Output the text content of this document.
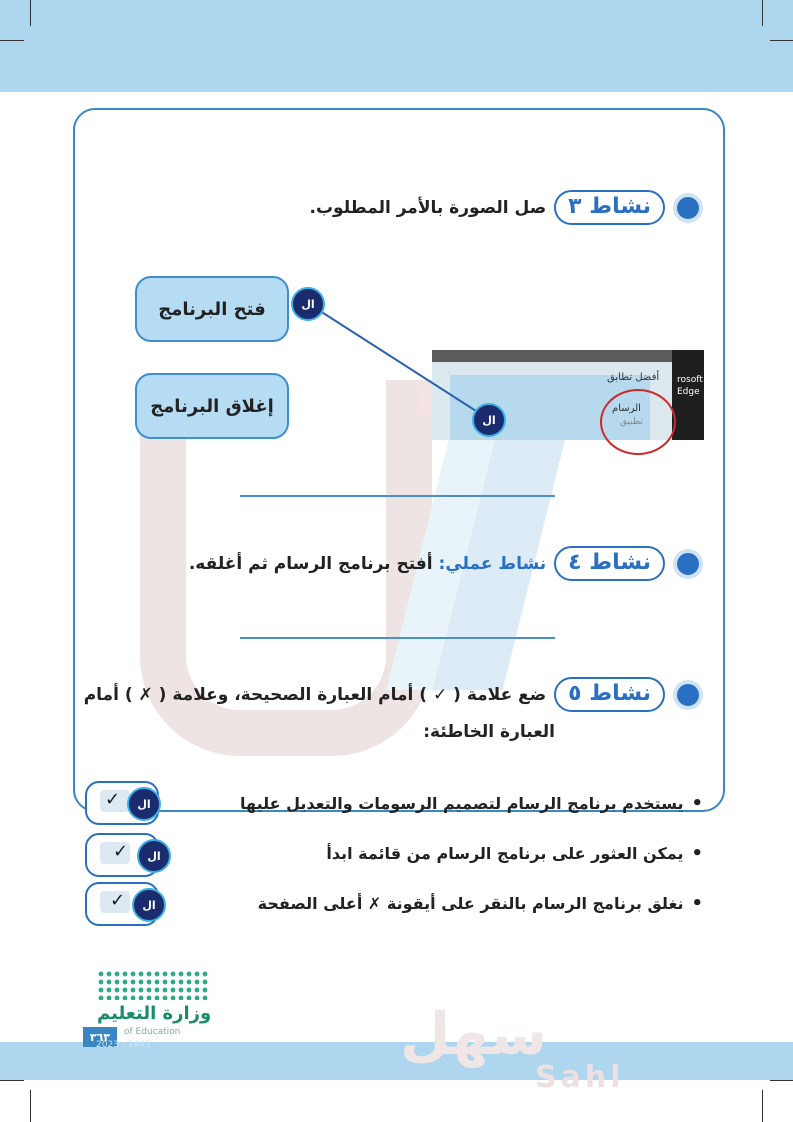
نشاط ٣
صل الصورة بالأمر المطلوب.
فتح البرنامج
إغلاق البرنامج
أفضل تطابق rosoft
Edge
الرسام
تطبيق
ال
ال
نشاط ٤
نشاط عملي: أفتح برنامج الرسام ثم أغلقه.
نشاط ٥
ضع علامة ( ✓ ) أمام العبارة الصحيحة، وعلامة ( ✗ ) أمام
العبارة الخاطئة:
•
يستخدم برنامج الرسام لتصميم الرسومات والتعديل عليها
•
يمكن العثور على برنامج الرسام من قائمة ابدأ
•
نغلق برنامج الرسام بالنقر على أيقونة ✗ أعلى الصفحة
✓ ال
✓ ال
✓ ال
وزارة التعليم
of Education
٣٦٣
2023 - 1445	سهل
Sahl
